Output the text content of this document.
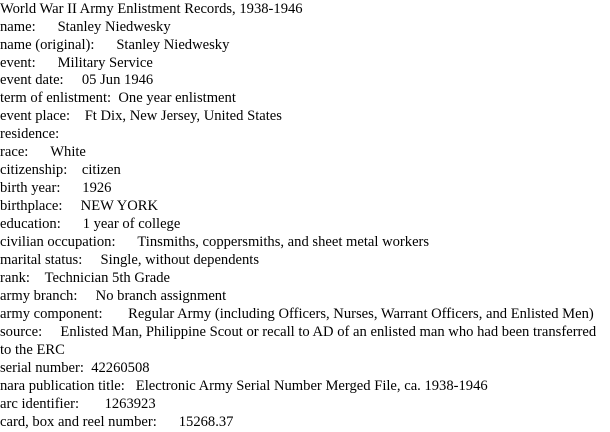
World War II Army Enlistment Records, 1938-1946
name: Stanley Niedwesky
name (original): Stanley Niedwesky
event: Military Service
event date: 05 Jun 1946
term of enlistment: One year enlistment
event place: Ft Dix, New Jersey, United States
residence:
race: White
citizenship: citizen
birth year: 1926
birthplace: NEW YORK
education: 1 year of college
civilian occupation: Tinsmiths, coppersmiths, and sheet metal workers
marital status: Single, without dependents
rank: Technician 5th Grade
army branch: No branch assignment
army component: Regular Army (including Officers, Nurses, Warrant Officers, and Enlisted Men)
source: Enlisted Man, Philippine Scout or recall to AD of an enlisted man who had been transferred to the ERC
serial number: 42260508
nara publication title: Electronic Army Serial Number Merged File, ca. 1938-1946
arc identifier: 1263923
card, box and reel number: 15268.37
